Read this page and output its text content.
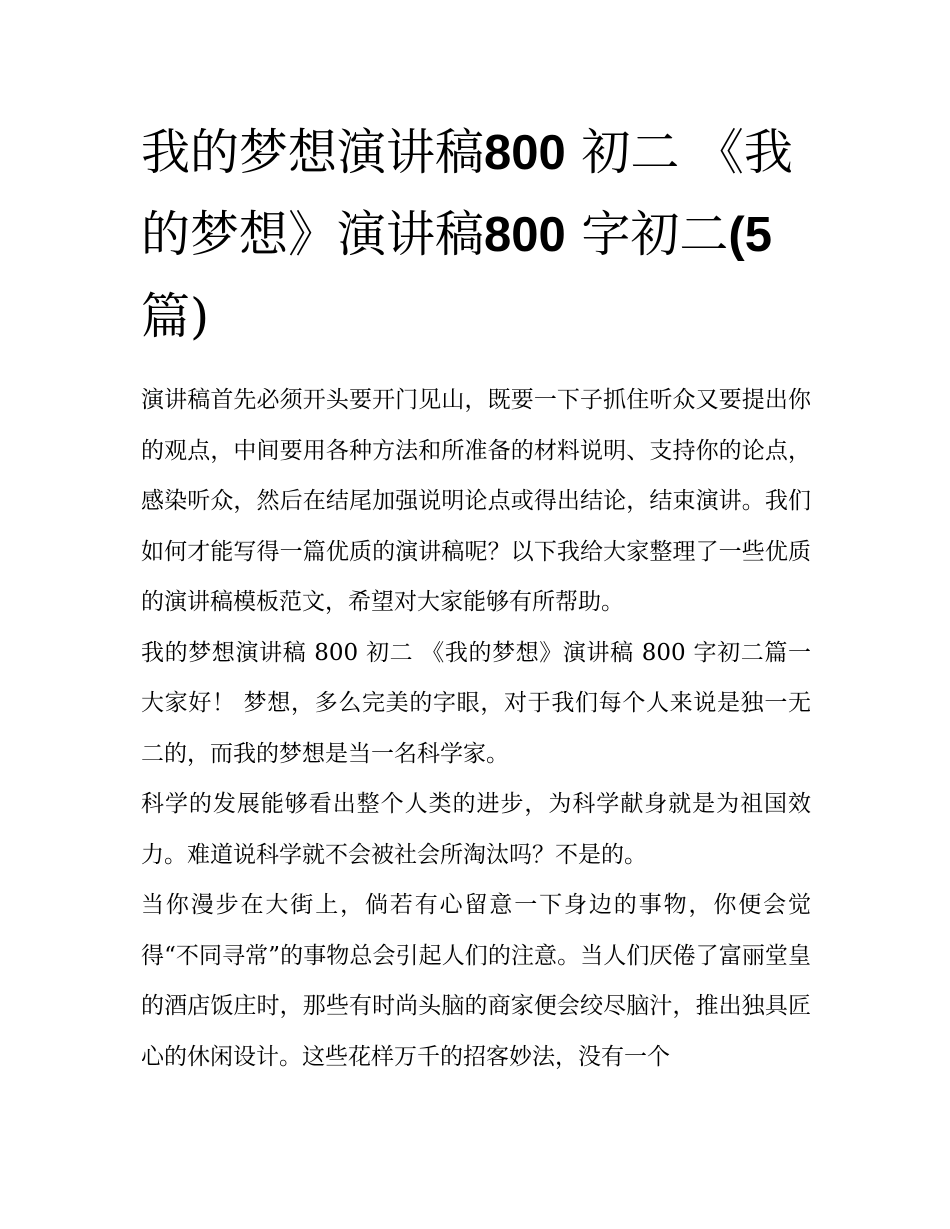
我的梦想演讲稿800 初二 《我的梦想》演讲稿800 字初二(5篇)

演讲稿首先必须开头要开门见山，既要一下子抓住听众又要提出你的观点，中间要用各种方法和所准备的材料说明、支持你的论点，感染听众，然后在结尾加强说明论点或得出结论，结束演讲。我们如何才能写得一篇优质的演讲稿呢？以下我给大家整理了一些优质的演讲稿模板范文，希望对大家能够有所帮助。

我的梦想演讲稿 800 初二 《我的梦想》演讲稿 800 字初二篇一 大家好！ 梦想，多么完美的字眼，对于我们每个人来说是独一无二的，而我的梦想是当一名科学家。

科学的发展能够看出整个人类的进步，为科学献身就是为祖国效力。难道说科学就不会被社会所淘汰吗？不是的。

当你漫步在大街上，倘若有心留意一下身边的事物，你便会觉得“不同寻常”的事物总会引起人们的注意。当人们厌倦了富丽堂皇的酒店饭庄时，那些有时尚头脑的商家便会绞尽脑汁，推出独具匠心的休闲设计。这些花样万千的招客妙法，没有一个
